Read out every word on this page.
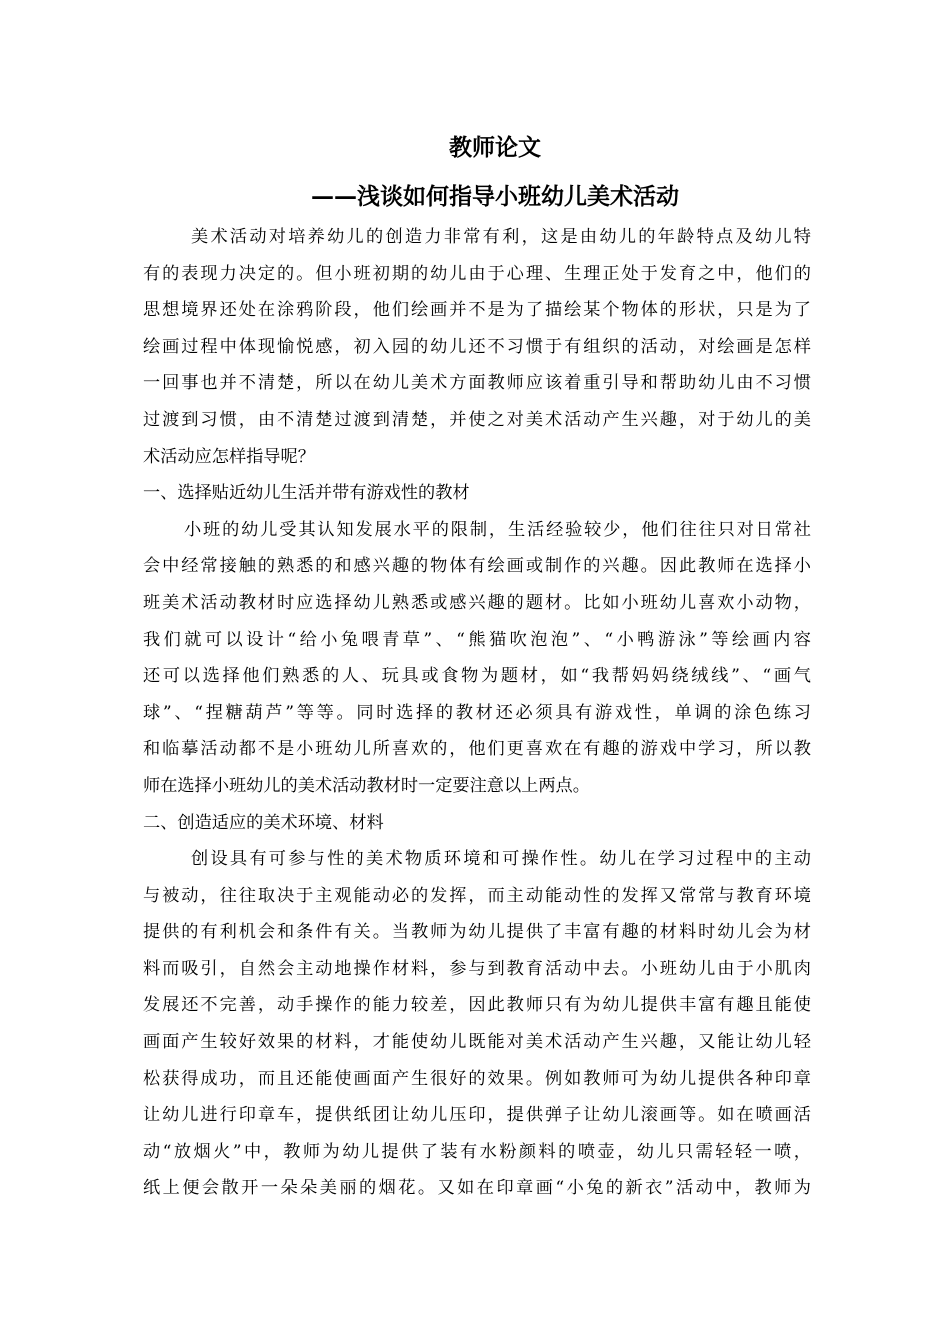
教师论文
——浅谈如何指导小班幼儿美术活动
美术活动对培养幼儿的创造力非常有利，这是由幼儿的年龄特点及幼儿特
有的表现力决定的。但小班初期的幼儿由于心理、生理正处于发育之中，他们的
思想境界还处在涂鸦阶段，他们绘画并不是为了描绘某个物体的形状，只是为了
绘画过程中体现愉悦感，初入园的幼儿还不习惯于有组织的活动，对绘画是怎样
一回事也并不清楚，所以在幼儿美术方面教师应该着重引导和帮助幼儿由不习惯
过渡到习惯，由不清楚过渡到清楚，并使之对美术活动产生兴趣，对于幼儿的美
术活动应怎样指导呢？
一、选择贴近幼儿生活并带有游戏性的教材
小班的幼儿受其认知发展水平的限制，生活经验较少，他们往往只对日常社
会中经常接触的熟悉的和感兴趣的物体有绘画或制作的兴趣。因此教师在选择小
班美术活动教材时应选择幼儿熟悉或感兴趣的题材。比如小班幼儿喜欢小动物，
我们就可以设计“给小兔喂青草”、“熊猫吹泡泡”、“小鸭游泳”等绘画内容
还可以选择他们熟悉的人、玩具或食物为题材，如“我帮妈妈绕绒线”、“画气
球”、“捏糖葫芦”等等。同时选择的教材还必须具有游戏性，单调的涂色练习
和临摹活动都不是小班幼儿所喜欢的，他们更喜欢在有趣的游戏中学习，所以教
师在选择小班幼儿的美术活动教材时一定要注意以上两点。
二、创造适应的美术环境、材料
创设具有可参与性的美术物质环境和可操作性。幼儿在学习过程中的主动
与被动，往往取决于主观能动必的发挥，而主动能动性的发挥又常常与教育环境
提供的有利机会和条件有关。当教师为幼儿提供了丰富有趣的材料时幼儿会为材
料而吸引，自然会主动地操作材料，参与到教育活动中去。小班幼儿由于小肌肉
发展还不完善，动手操作的能力较差，因此教师只有为幼儿提供丰富有趣且能使
画面产生较好效果的材料，才能使幼儿既能对美术活动产生兴趣，又能让幼儿轻
松获得成功，而且还能使画面产生很好的效果。例如教师可为幼儿提供各种印章
让幼儿进行印章车，提供纸团让幼儿压印，提供弹子让幼儿滚画等。如在喷画活
动“放烟火”中，教师为幼儿提供了装有水粉颜料的喷壶，幼儿只需轻轻一喷，
纸上便会散开一朵朵美丽的烟花。又如在印章画“小兔的新衣”活动中，教师为
